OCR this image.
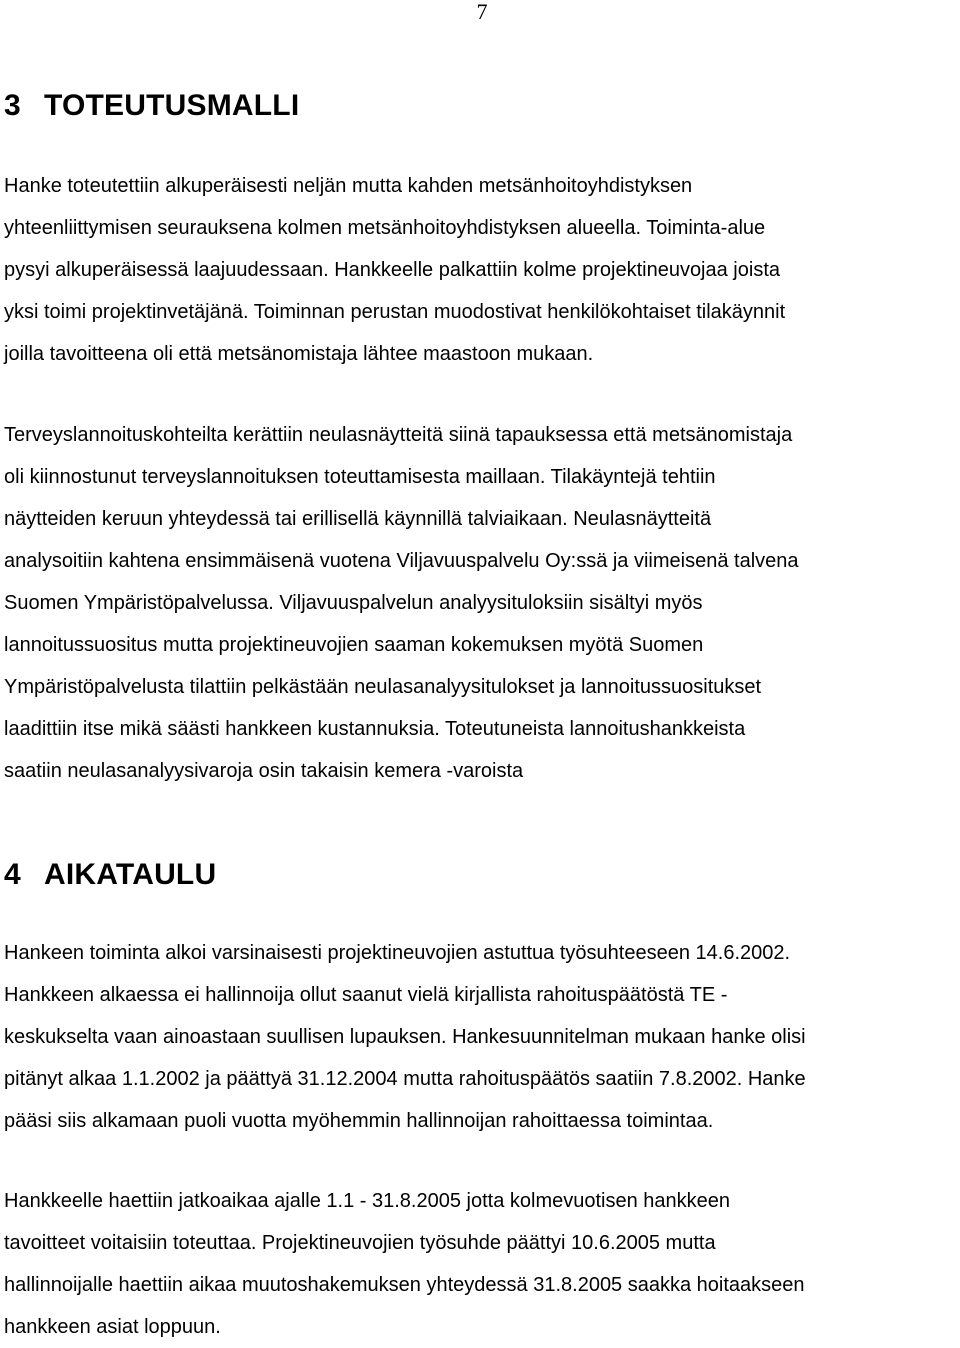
7
3 TOTEUTUSMALLI

Hanke toteutettiin alkuperäisesti neljän mutta kahden metsänhoitoyhdistyksen
yhteenliittymisen seurauksena kolmen metsänhoitoyhdistyksen alueella. Toiminta-alue
pysyi alkuperäisessä laajuudessaan. Hankkeelle palkattiin kolme projektineuvojaa joista
yksi toimi projektinvetäjänä. Toiminnan perustan muodostivat henkilökohtaiset tilakäynnit
joilla tavoitteena oli että metsänomistaja lähtee maastoon mukaan.

Terveyslannoituskohteilta kerättiin neulasnäytteitä siinä tapauksessa että metsänomistaja
oli kiinnostunut terveyslannoituksen toteuttamisesta maillaan. Tilakäyntejä tehtiin
näytteiden keruun yhteydessä tai erillisellä käynnillä talviaikaan. Neulasnäytteitä
analysoitiin kahtena ensimmäisenä vuotena Viljavuuspalvelu Oy:ssä ja viimeisenä talvena
Suomen Ympäristöpalvelussa. Viljavuuspalvelun analyysituloksiin sisältyi myös
lannoitussuositus mutta projektineuvojien saaman kokemuksen myötä Suomen
Ympäristöpalvelusta tilattiin pelkästään neulasanalyysitulokset ja lannoitussuositukset
laadittiin itse mikä säästi hankkeen kustannuksia. Toteutuneista lannoitushankkeista
saatiin neulasanalyysivaroja osin takaisin kemera -varoista

4 AIKATAULU

Hankeen toiminta alkoi varsinaisesti projektineuvojien astuttua työsuhteeseen 14.6.2002.
Hankkeen alkaessa ei hallinnoija ollut saanut vielä kirjallista rahoituspäätöstä TE -
keskukselta vaan ainoastaan suullisen lupauksen. Hankesuunnitelman mukaan hanke olisi
pitänyt alkaa 1.1.2002 ja päättyä 31.12.2004 mutta rahoituspäätös saatiin 7.8.2002. Hanke
pääsi siis alkamaan puoli vuotta myöhemmin hallinnoijan rahoittaessa toimintaa.

Hankkeelle haettiin jatkoaikaa ajalle 1.1 - 31.8.2005 jotta kolmevuotisen hankkeen
tavoitteet voitaisiin toteuttaa. Projektineuvojien työsuhde päättyi 10.6.2005 mutta
hallinnoijalle haettiin aikaa muutoshakemuksen yhteydessä 31.8.2005 saakka hoitaakseen
hankkeen asiat loppuun.
